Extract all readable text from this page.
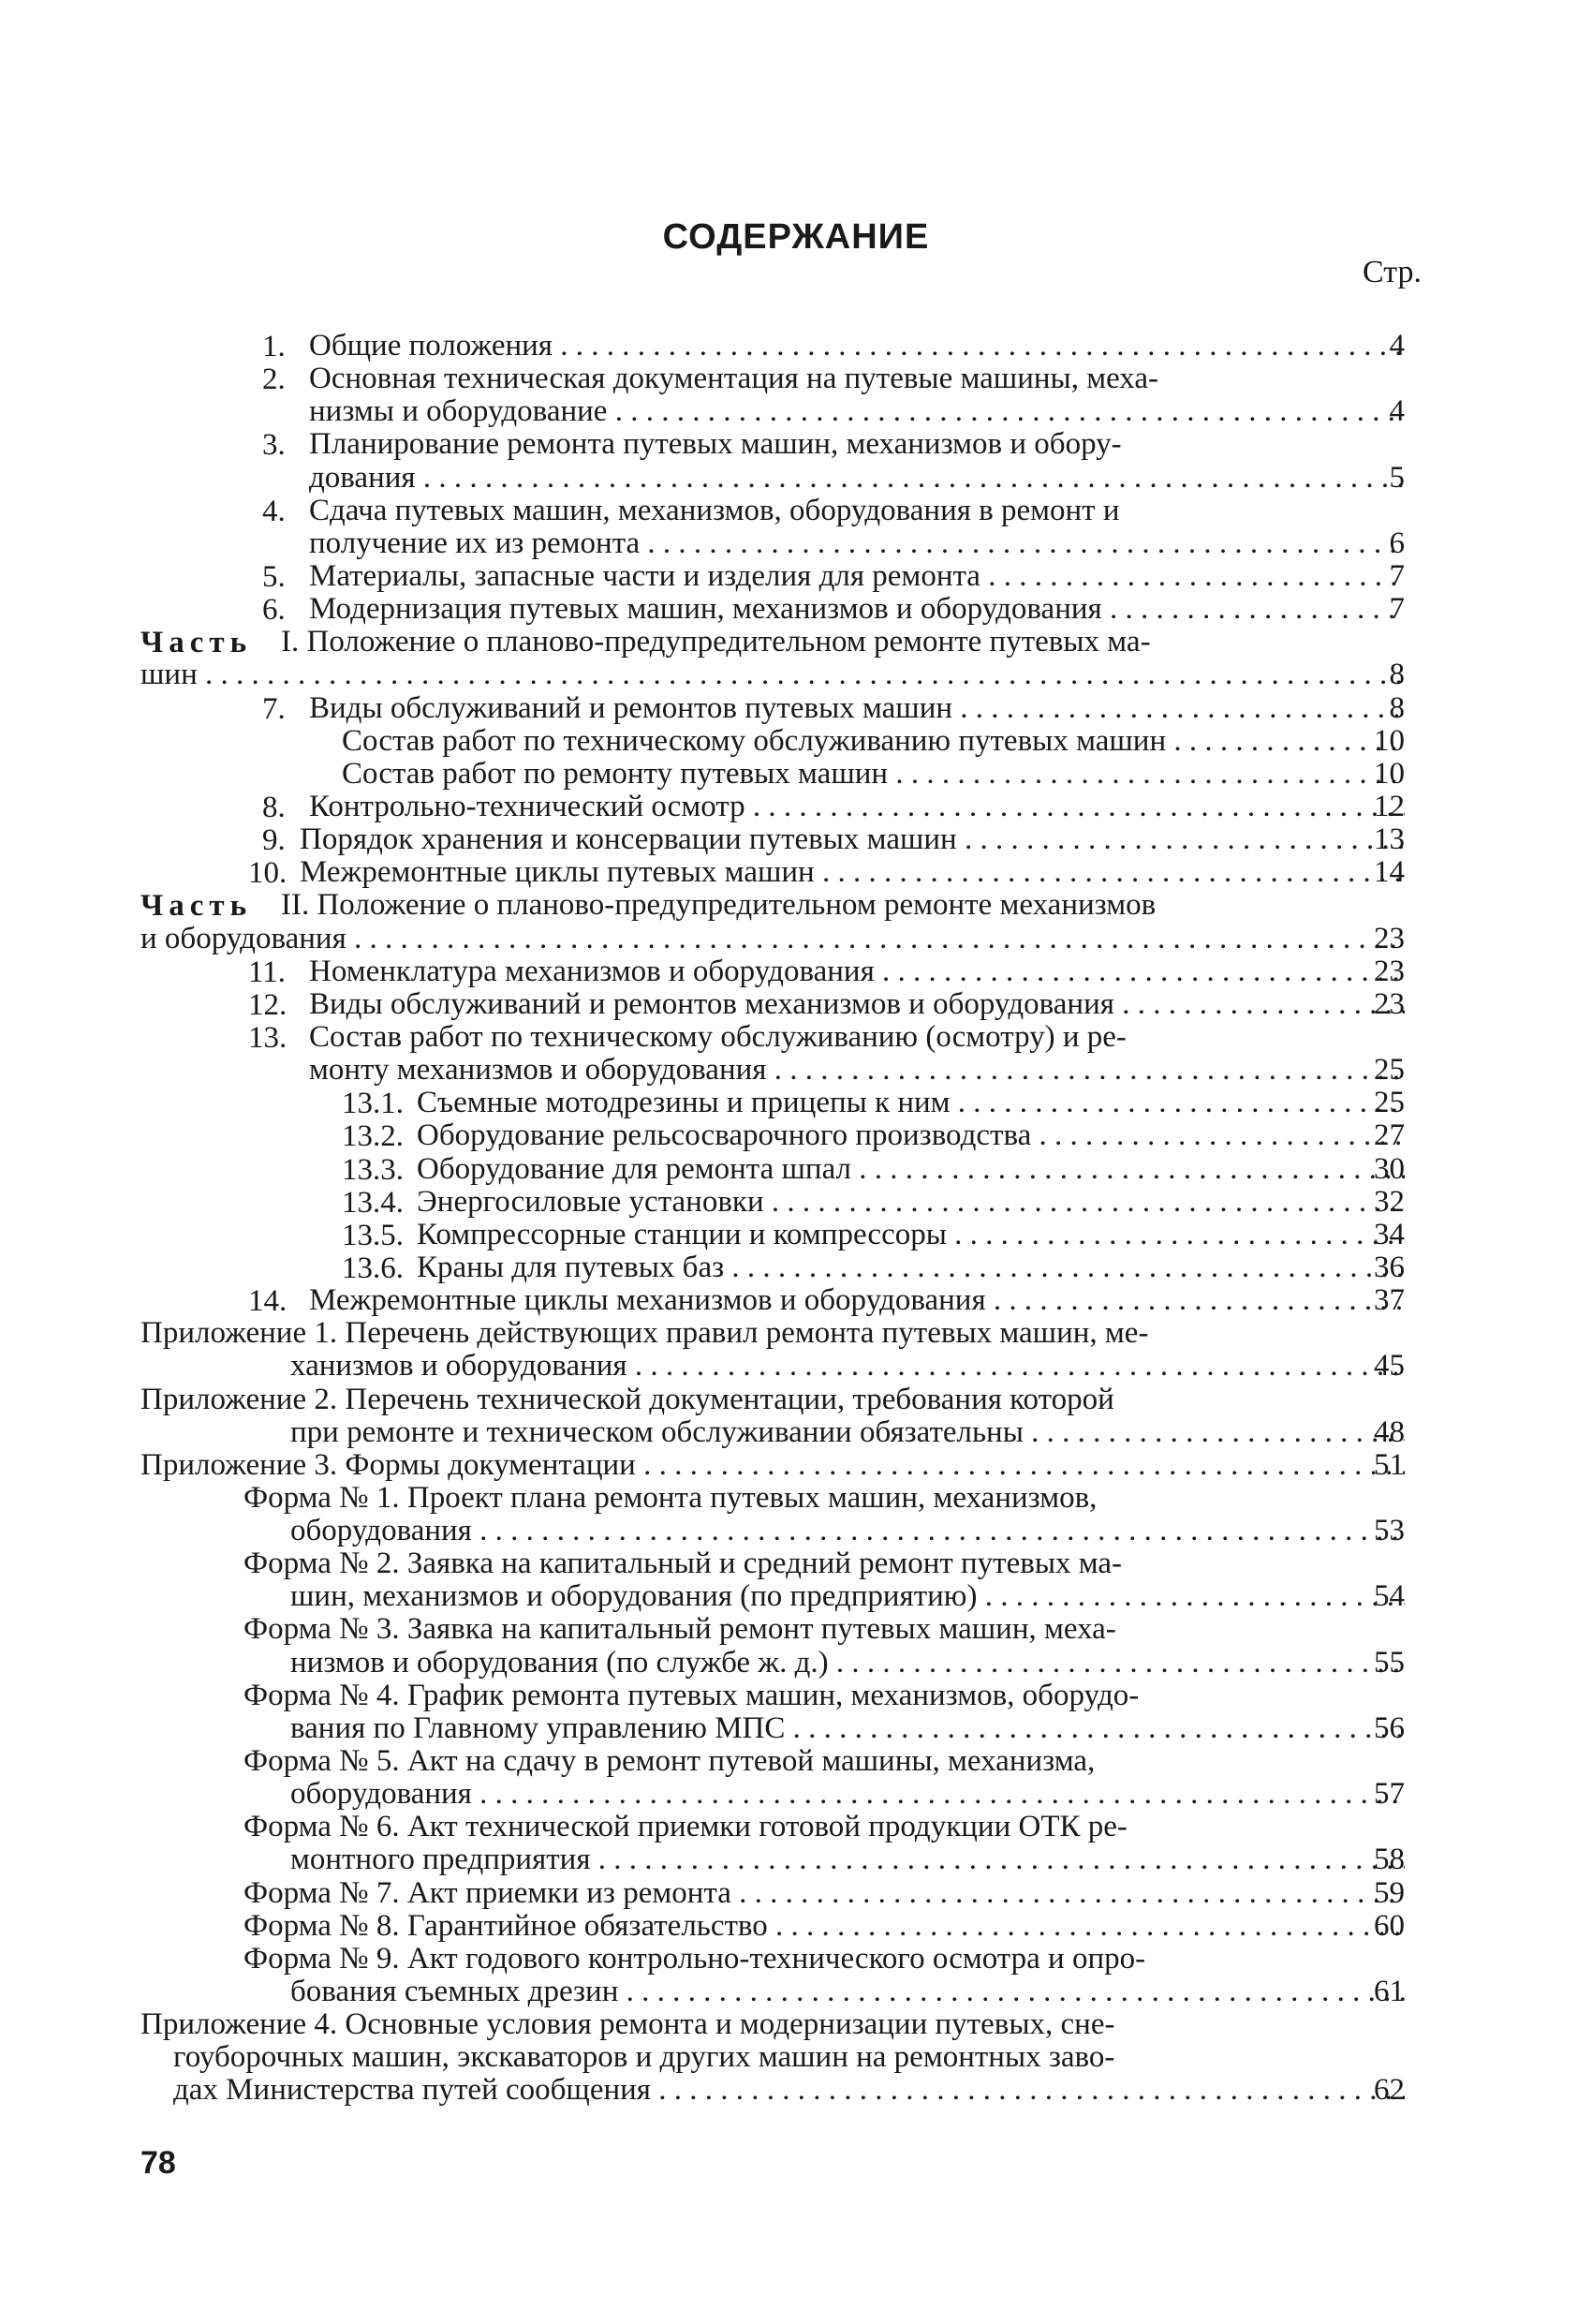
СОДЕРЖАНИЕ
Стр.
1. Общие положения . . .	4
2. Основная техническая документация на путевые машины, меха-
низмы и оборудование . . .	4
3. Планирование ремонта путевых машин, механизмов и обору-
дования . . .	5
4. Сдача путевых машин, механизмов, оборудования в ремонт и
получение их из ремонта . . .	6
5. Материалы, запасные части и изделия для ремонта . . .	7
6. Модернизация путевых машин, механизмов и оборудования . . .	7
Часть I. Положение о планово-предупредительном ремонте путевых ма-
шин . . .	8
7. Виды обслуживаний и ремонтов путевых машин . . .	8
Состав работ по техническому обслуживанию путевых машин . . .	10
Состав работ по ремонту путевых машин . . .	10
8. Контрольно-технический осмотр . . .	12
9. Порядок хранения и консервации путевых машин . . .	13
10. Межремонтные циклы путевых машин . . .	14
Часть II. Положение о планово-предупредительном ремонте механизмов
и оборудования . . .	23
11. Номенклатура механизмов и оборудования . . .	23
12. Виды обслуживаний и ремонтов механизмов и оборудования . . .	23
13. Состав работ по техническому обслуживанию (осмотру) и ре-
монту механизмов и оборудования . . .	25
13.1. Съемные мотодрезины и прицепы к ним . . .	25
13.2. Оборудование рельсосварочного производства . . .	27
13.3. Оборудование для ремонта шпал . . .	30
13.4. Энергосиловые установки . . .	32
13.5. Компрессорные станции и компрессоры . . .	34
13.6. Краны для путевых баз . . .	36
14. Межремонтные циклы механизмов и оборудования . . .	37
Приложение 1. Перечень действующих правил ремонта путевых машин, ме-
ханизмов и оборудования . . .	45
Приложение 2. Перечень технической документации, требования которой
при ремонте и техническом обслуживании обязательны . . .	48
Приложение 3. Формы документации . . .	51
Форма № 1. Проект плана ремонта путевых машин, механизмов,
оборудования . . .	53
Форма № 2. Заявка на капитальный и средний ремонт путевых ма-
шин, механизмов и оборудования (по предприятию) . . .	54
Форма № 3. Заявка на капитальный ремонт путевых машин, меха-
низмов и оборудования (по службе ж. д.) . . .	55
Форма № 4. График ремонта путевых машин, механизмов, оборудо-
вания по Главному управлению МПС . . .	56
Форма № 5. Акт на сдачу в ремонт путевой машины, механизма,
оборудования . . .	57
Форма № 6. Акт технической приемки готовой продукции ОТК ре-
монтного предприятия . . .	58
Форма № 7. Акт приемки из ремонта . . .	59
Форма № 8. Гарантийное обязательство . . .	60
Форма № 9. Акт годового контрольно-технического осмотра и опро-
бования съемных дрезин . . .	61
Приложение 4. Основные условия ремонта и модернизации путевых, сне-
гоуборочных машин, экскаваторов и других машин на ремонтных заво-
дах Министерства путей сообщения . . .	62
78
